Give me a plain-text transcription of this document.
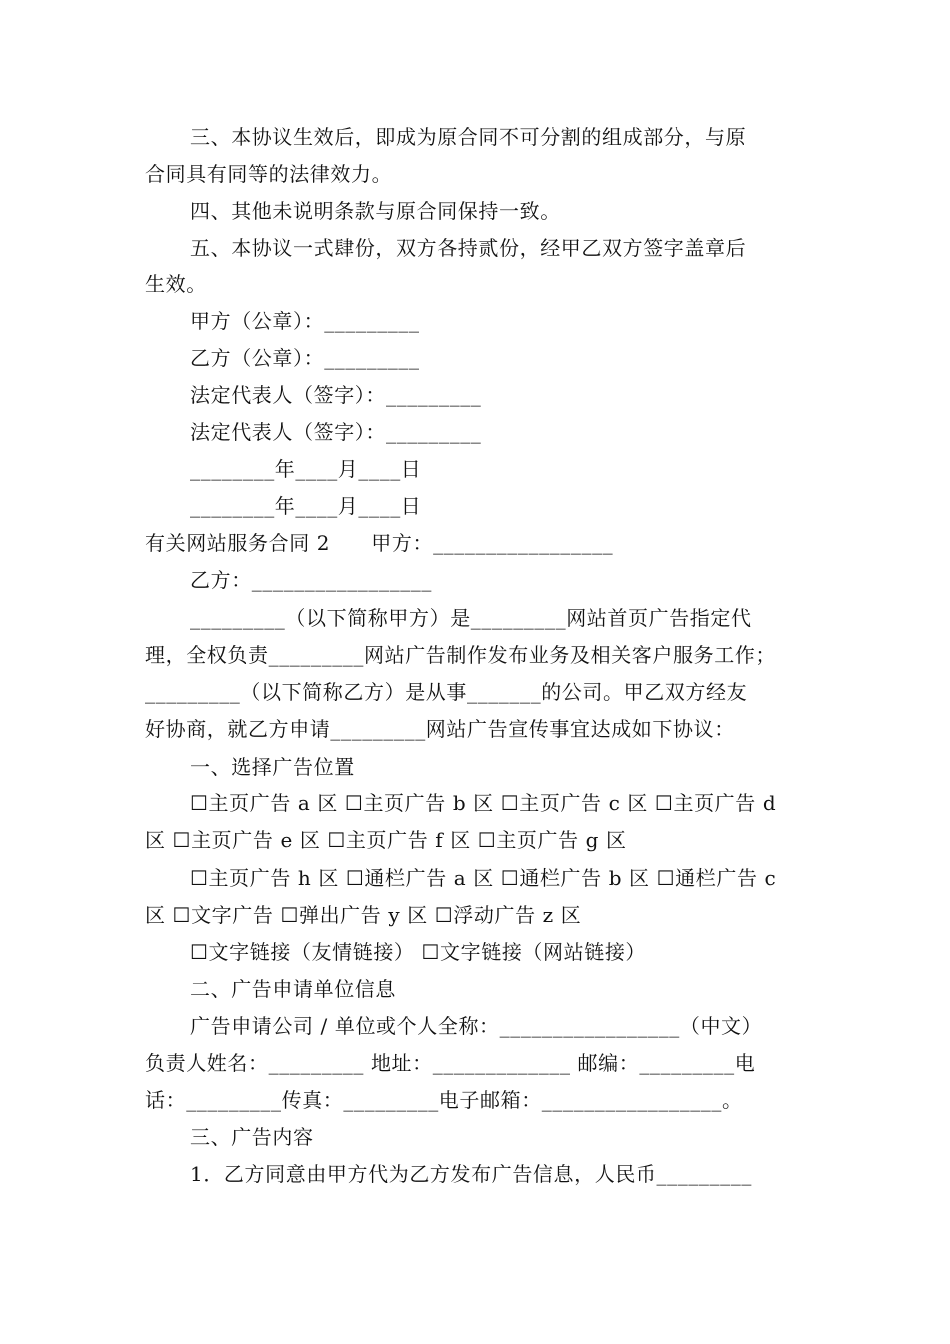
三、本协议生效后，即成为原合同不可分割的组成部分，与原
合同具有同等的法律效力。
四、其他未说明条款与原合同保持一致。
五、本协议一式肆份，双方各持贰份，经甲乙双方签字盖章后
生效。
甲方（公章）：_________
乙方（公章）：_________
法定代表人（签字）：_________
法定代表人（签字）：_________
________年____月____日
________年____月____日
有关网站服务合同 2　　甲方：_________________
乙方：_________________
_________（以下简称甲方）是_________网站首页广告指定代
理，全权负责_________网站广告制作发布业务及相关客户服务工作；
_________（以下简称乙方）是从事_______的公司。甲乙双方经友
好协商，就乙方申请_________网站广告宣传事宜达成如下协议：
一、选择广告位置
☐主页广告 a 区 ☐主页广告 b 区 ☐主页广告 c 区 ☐主页广告 d
区 ☐主页广告 e 区 ☐主页广告 f 区 ☐主页广告 g 区
☐主页广告 h 区 ☐通栏广告 a 区 ☐通栏广告 b 区 ☐通栏广告 c
区 ☐文字广告 ☐弹出广告 y 区 ☐浮动广告 z 区
☐文字链接（友情链接） ☐文字链接（网站链接）
二、广告申请单位信息
广告申请公司 / 单位或个人全称：_________________（中文）
负责人姓名：_________ 地址：_____________ 邮编：_________电
话：_________传真：_________电子邮箱：_________________。
三、广告内容
1．乙方同意由甲方代为乙方发布广告信息，人民币_________
